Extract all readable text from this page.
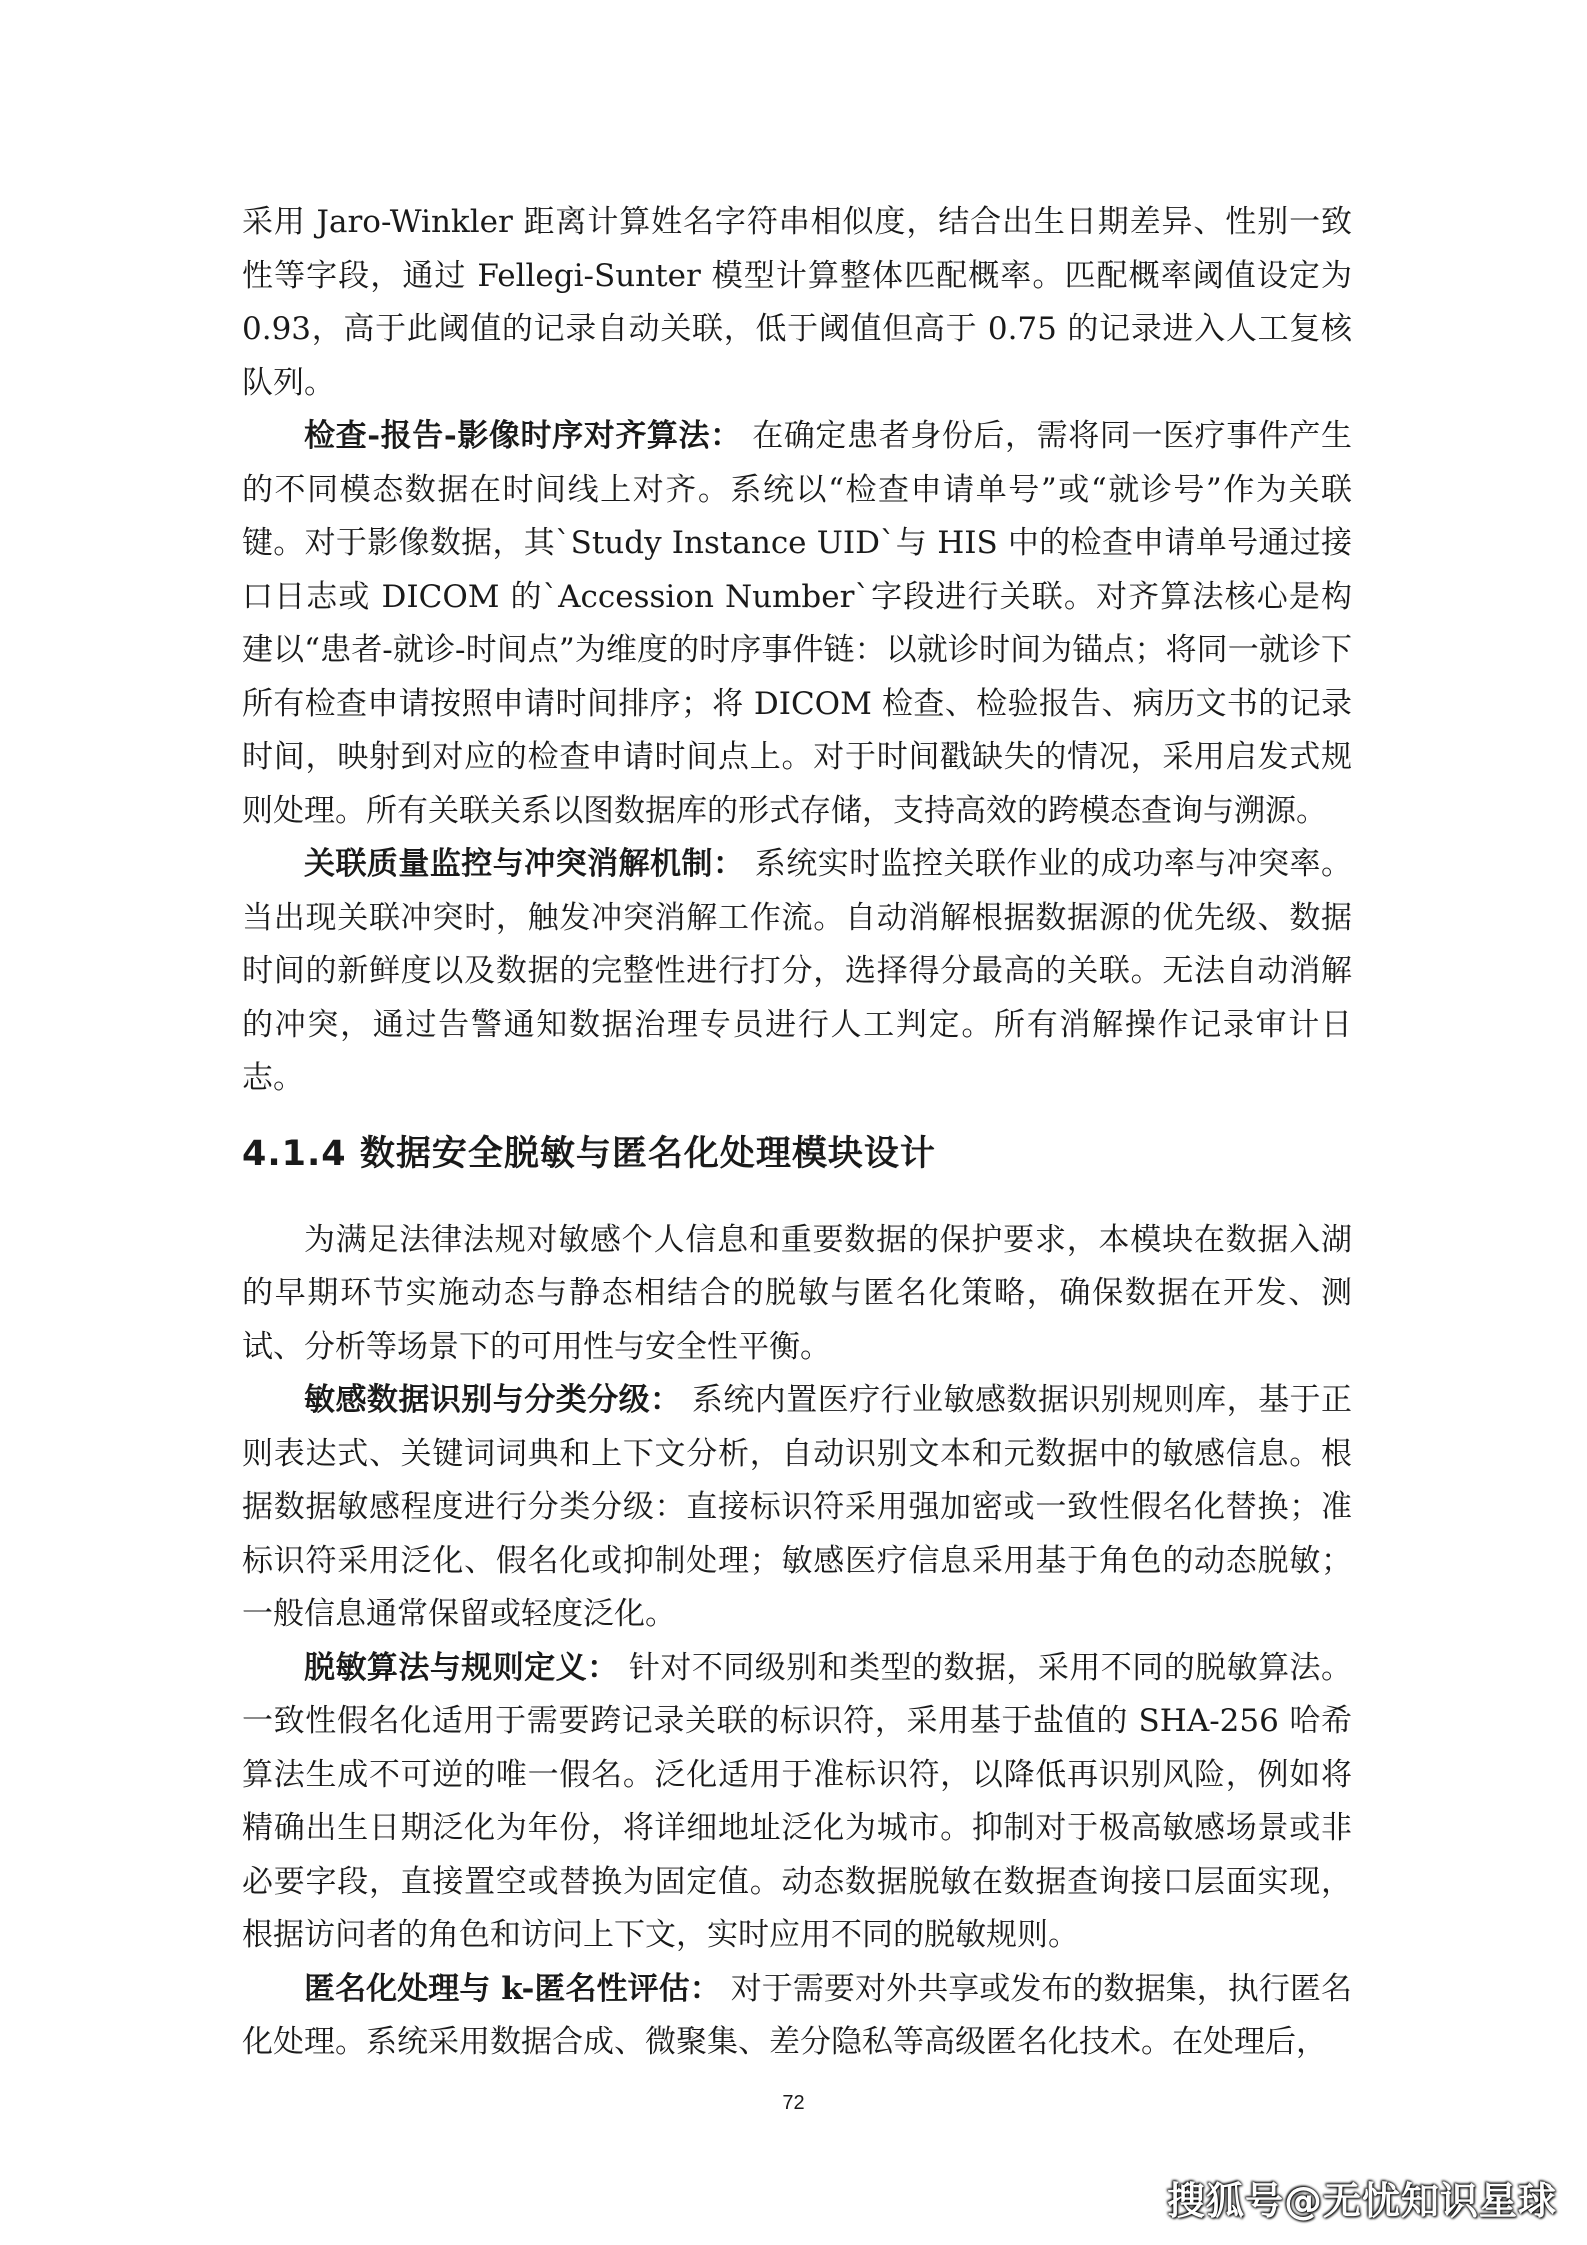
采用 Jaro-Winkler 距离计算姓名字符串相似度，结合出生日期差异、性别一致性等字段，通过 Fellegi-Sunter 模型计算整体匹配概率。匹配概率阈值设定为 0.93，高于此阈值的记录自动关联，低于阈值但高于 0.75 的记录进入人工复核队列。

检查-报告-影像时序对齐算法： 在确定患者身份后，需将同一医疗事件产生的不同模态数据在时间线上对齐。系统以“检查申请单号”或“就诊号”作为关联键。对于影像数据，其`Study Instance UID`与 HIS 中的检查申请单号通过接口日志或 DICOM 的`Accession Number`字段进行关联。对齐算法核心是构建以“患者-就诊-时间点”为维度的时序事件链：以就诊时间为锚点；将同一就诊下所有检查申请按照申请时间排序；将 DICOM 检查、检验报告、病历文书的记录时间，映射到对应的检查申请时间点上。对于时间戳缺失的情况，采用启发式规则处理。所有关联关系以图数据库的形式存储，支持高效的跨模态查询与溯源。

关联质量监控与冲突消解机制： 系统实时监控关联作业的成功率与冲突率。当出现关联冲突时，触发冲突消解工作流。自动消解根据数据源的优先级、数据时间的新鲜度以及数据的完整性进行打分，选择得分最高的关联。无法自动消解的冲突，通过告警通知数据治理专员进行人工判定。所有消解操作记录审计日志。

4.1.4 数据安全脱敏与匿名化处理模块设计

为满足法律法规对敏感个人信息和重要数据的保护要求，本模块在数据入湖的早期环节实施动态与静态相结合的脱敏与匿名化策略，确保数据在开发、测试、分析等场景下的可用性与安全性平衡。

敏感数据识别与分类分级： 系统内置医疗行业敏感数据识别规则库，基于正则表达式、关键词词典和上下文分析，自动识别文本和元数据中的敏感信息。根据数据敏感程度进行分类分级：直接标识符采用强加密或一致性假名化替换；准标识符采用泛化、假名化或抑制处理；敏感医疗信息采用基于角色的动态脱敏；一般信息通常保留或轻度泛化。

脱敏算法与规则定义： 针对不同级别和类型的数据，采用不同的脱敏算法。一致性假名化适用于需要跨记录关联的标识符，采用基于盐值的 SHA-256 哈希算法生成不可逆的唯一假名。泛化适用于准标识符，以降低再识别风险，例如将精确出生日期泛化为年份，将详细地址泛化为城市。抑制对于极高敏感场景或非必要字段，直接置空或替换为固定值。动态数据脱敏在数据查询接口层面实现，根据访问者的角色和访问上下文，实时应用不同的脱敏规则。

匿名化处理与 k-匿名性评估： 对于需要对外共享或发布的数据集，执行匿名化处理。系统采用数据合成、微聚集、差分隐私等高级匿名化技术。在处理后，

72
搜狐号@无忧知识星球
